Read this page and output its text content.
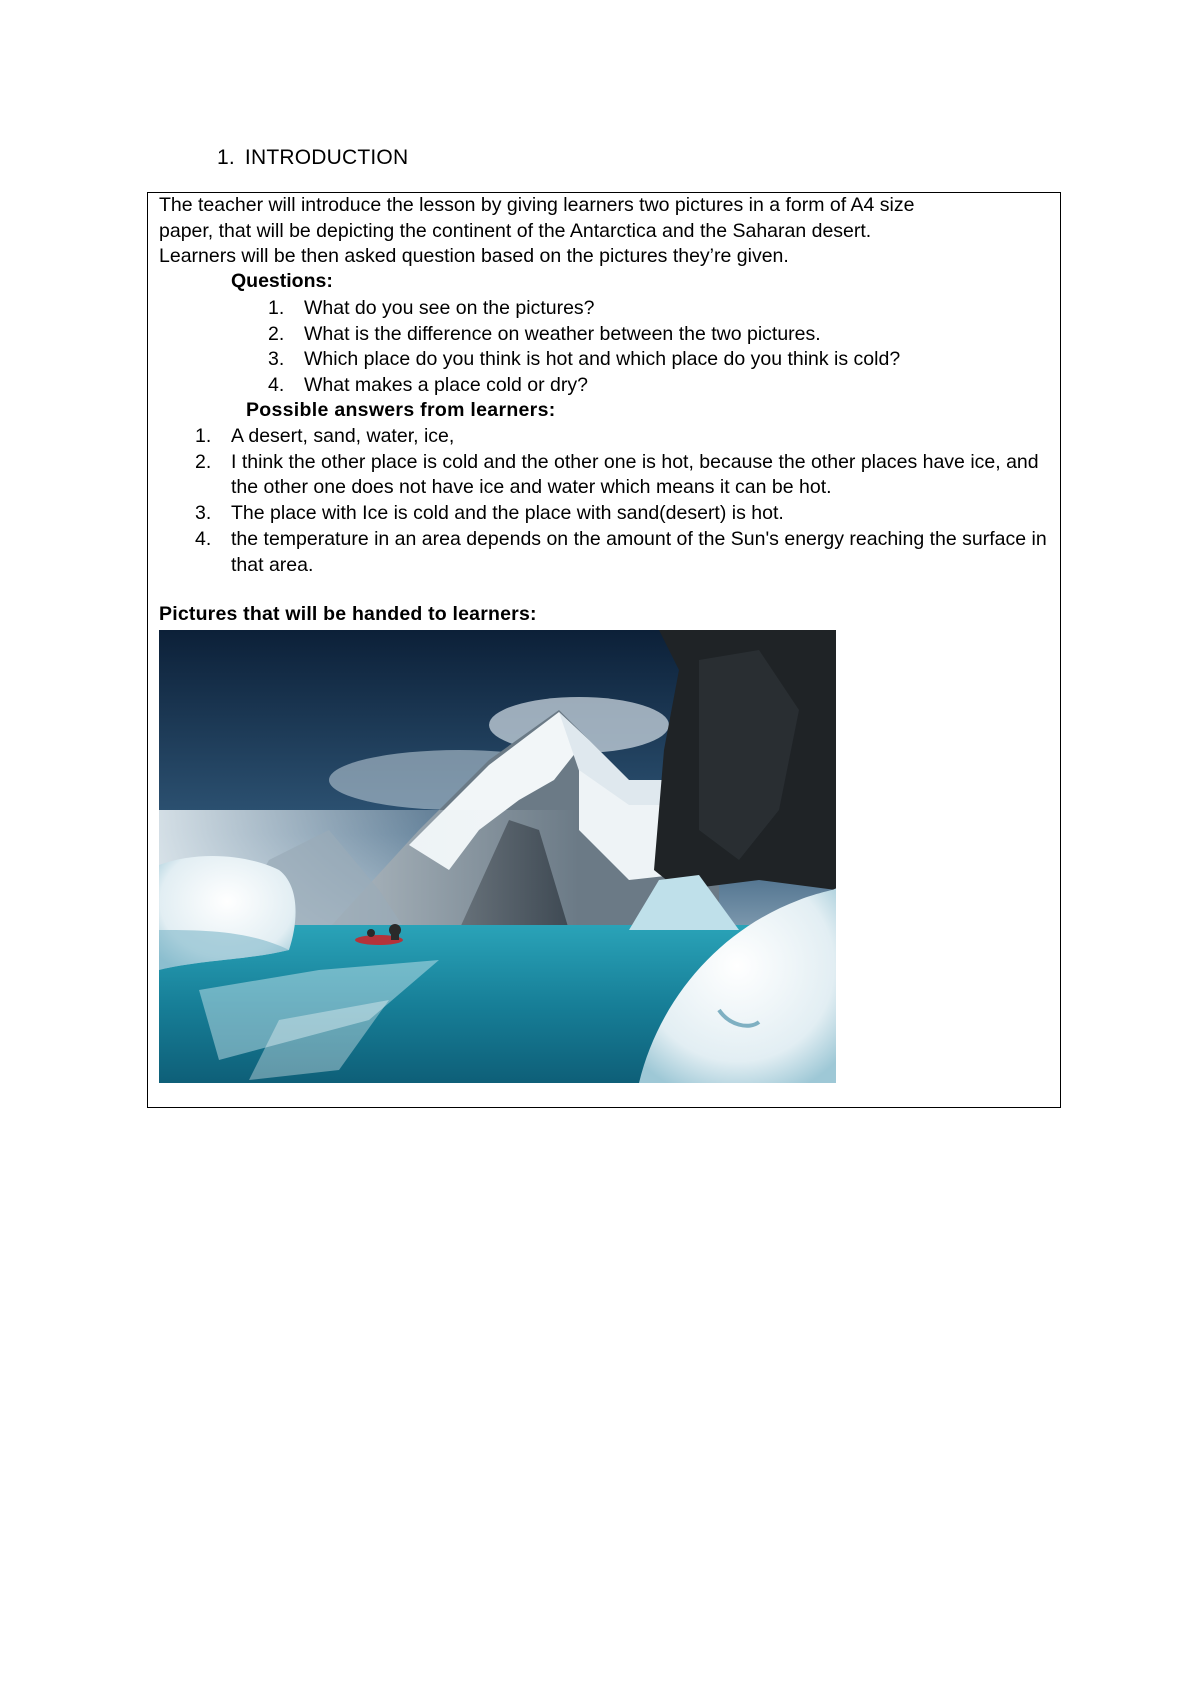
1. INTRODUCTION

The teacher will introduce the lesson by giving learners two pictures in a form of A4 size

paper, that will be depicting the continent of the Antarctica and the Saharan desert.

Learners will be then asked question based on the pictures they’re given.

Questions:
1. What do you see on the pictures?
2. What is the difference on weather between the two pictures.
3. Which place do you think is hot and which place do you think is cold?
4. What makes a place cold or dry?
Possible answers from learners:
1. A desert, sand, water, ice,
2. I think the other place is cold and the other one is hot, because the other places have ice, and the other one does not have ice and water which means it can be hot.
3. The place with Ice is cold and the place with sand(desert) is hot.
4. the temperature in an area depends on the amount of the Sun's energy reaching the surface in that area.
Pictures that will be handed to learners:
